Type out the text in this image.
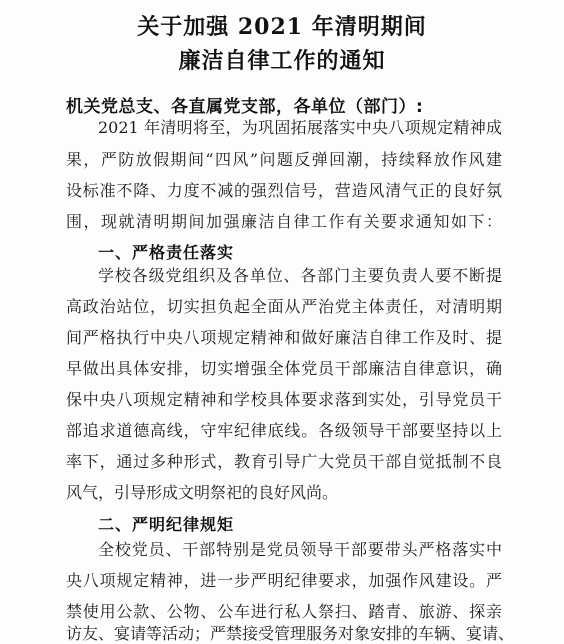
关于加强 2021 年清明期间
廉洁自律工作的通知
机关党总支、各直属党支部，各单位（部门）:
2021 年清明将至，为巩固拓展落实中央八项规定精神成
果，严防放假期间“四风”问题反弹回潮，持续释放作风建
设标准不降、力度不减的强烈信号，营造风清气正的良好氛
围，现就清明期间加强廉洁自律工作有关要求通知如下：
一、严格责任落实
学校各级党组织及各单位、各部门主要负责人要不断提
高政治站位，切实担负起全面从严治党主体责任，对清明期
间严格执行中央八项规定精神和做好廉洁自律工作及时、提
早做出具体安排，切实增强全体党员干部廉洁自律意识，确
保中央八项规定精神和学校具体要求落到实处，引导党员干
部追求道德高线，守牢纪律底线。各级领导干部要坚持以上
率下，通过多种形式，教育引导广大党员干部自觉抵制不良
风气，引导形成文明祭祀的良好风尚。
二、严明纪律规矩
全校党员、干部特别是党员领导干部要带头严格落实中
央八项规定精神，进一步严明纪律要求，加强作风建设。严
禁使用公款、公物、公车进行私人祭扫、踏青、旅游、探亲
访友、宴请等活动；严禁接受管理服务对象安排的车辆、宴请、
